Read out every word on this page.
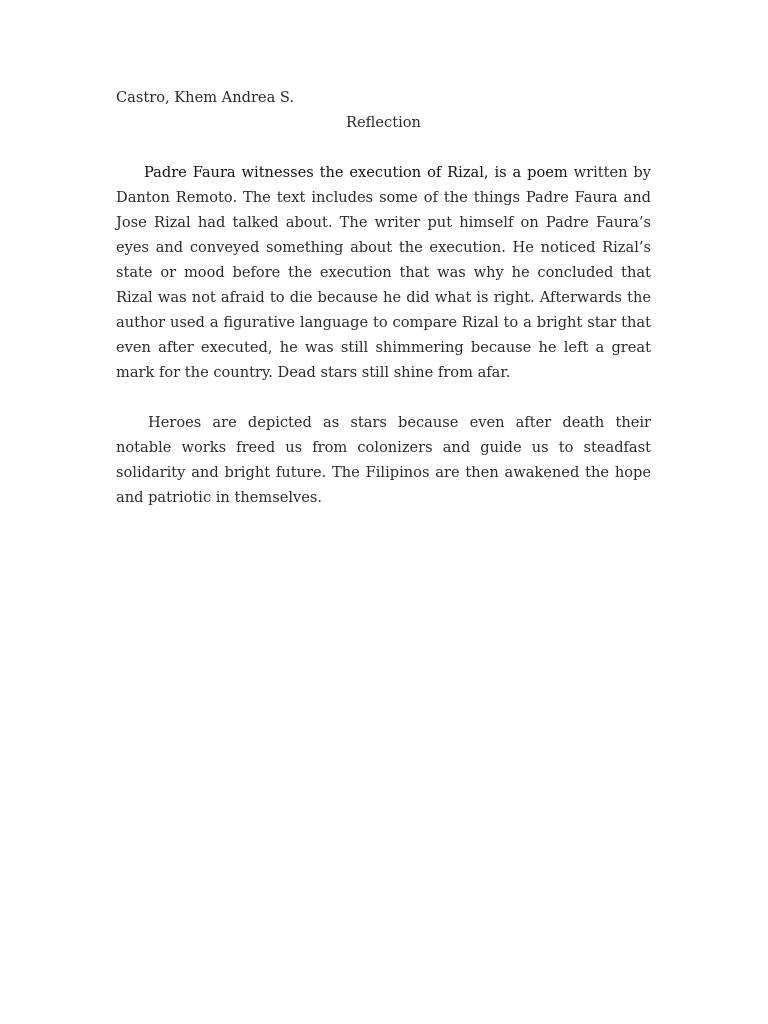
Castro, Khem Andrea S.

Reflection

Padre Faura witnesses the execution of Rizal, is a poem written by Danton Remoto. The text includes some of the things Padre Faura and Jose Rizal had talked about. The writer put himself on Padre Faura’s eyes and conveyed something about the execution. He noticed Rizal’s state or mood before the execution that was why he concluded that Rizal was not afraid to die because he did what is right. Afterwards the author used a figurative language to compare Rizal to a bright star that even after executed, he was still shimmering because he left a great mark for the country. Dead stars still shine from afar.

Heroes are depicted as stars because even after death their notable works freed us from colonizers and guide us to steadfast solidarity and bright future. The Filipinos are then awakened the hope and patriotic in themselves.
